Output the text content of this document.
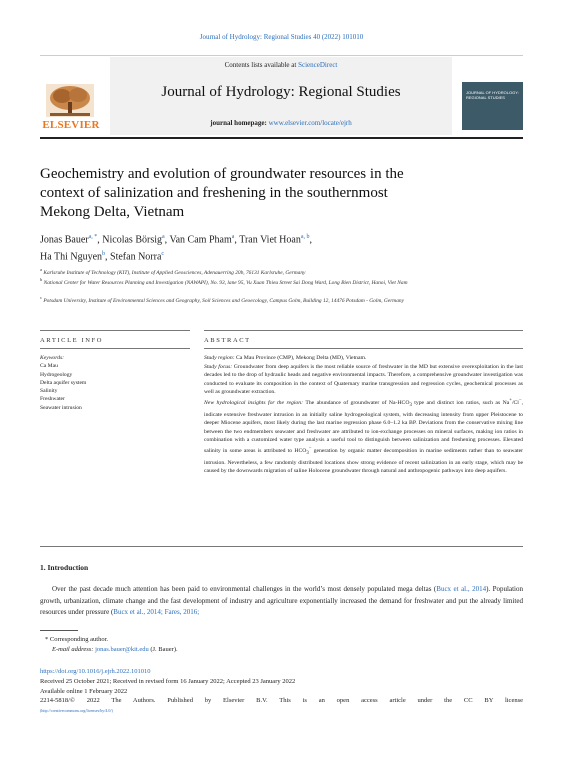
Journal of Hydrology: Regional Studies 40 (2022) 101010
ELSEVIER
Contents lists available at ScienceDirect
Journal of Hydrology: Regional Studies
journal homepage: www.elsevier.com/locate/ejrh
JOURNAL OF HYDROLOGY: REGIONAL STUDIES
Geochemistry and evolution of groundwater resources in the context of salinization and freshening in the southernmost Mekong Delta, Vietnam
Jonas Bauer$^{a, *}$, Nicolas Börsig$^a$, Van Cam Pham$^a$, Tran Viet Hoan$^{a, b}$,
Ha Thi Nguyen$^b$, Stefan Norra$^c$
$^a$ Karlsruhe Institute of Technology (KIT), Institute of Applied Geosciences, Adenauerring 20b, 76131 Karlsruhe, Germany
$^b$ National Center for Water Resources Planning and Investigation (NAWAPI), No. 93, lane 95, Vu Xuan Thieu Street Sai Dong Ward, Long Bien District, Hanoi, Viet Nam
$^c$ Potsdam University, Institute of Environmental Sciences and Geography, Soil Sciences and Geoecology, Campus Golm, Building 12, 14476 Potsdam - Golm, Germany
ARTICLE INFO	ABSTRACT
Keywords:
Ca Mau
Hydrogeology
Delta aquifer system
Salinity
Freshwater
Seawater intrusion

Study region: Ca Mau Province (CMP), Mekong Delta (MD), Vietnam.

Study focus: Groundwater from deep aquifers is the most reliable source of freshwater in the MD but extensive overexploitation in the last decades led to the drop of hydraulic heads and negative environmental impacts. Therefore, a comprehensive groundwater investigation was conducted to evaluate its composition in the context of Quaternary marine transgression and regression cycles, geochemical processes as well as groundwater extraction.

New hydrological insights for the region: The abundance of groundwater of $Na-HCO_3$ type and distinct ion ratios, such as Na+/Cl−, indicate extensive freshwater intrusion in an initially saline hydrogeological system, with decreasing intensity from upper Pleistocene to deeper Miocene aquifers, most likely during the last marine regression phase 6.0–1.2 ka BP. Deviations from the conservative mixing line between the two endmembers seawater and freshwater are attributed to ion-exchange processes on mineral surfaces, making ion ratios in combination with a customized water type analysis a useful tool to distinguish between salinization and freshening processes. Elevated salinity in some areas is attributed to $HCO_3^-$ generation by organic matter decomposition in marine sediments rather than to seawater intrusion. Nevertheless, a few randomly distributed locations show strong evidence of recent salinization in an early stage, which may be caused by the downwards migration of saline Holocene groundwater through natural and anthropogenic pathways into deep aquifers.

1. Introduction

Over the past decade much attention has been paid to environmental challenges in the world’s most densely populated mega deltas (Bucx et al., 2014). Population growth, urbanization, climate change and the fast development of industry and agriculture exponentially increased the demand for freshwater and put the already limited resources under pressure (Bucx et al., 2014; Fares, 2016;

* Corresponding author.
E-mail address: jonas.bauer@kit.edu (J. Bauer).
https://doi.org/10.1016/j.ejrh.2022.101010
Received 25 October 2021; Received in revised form 16 January 2022; Accepted 23 January 2022
Available online 1 February 2022
2214-5818/© 2022 The Authors. Published by Elsevier B.V. This is an open access article under the CC BY license
(http://creativecommons.org/licenses/by/4.0/)
